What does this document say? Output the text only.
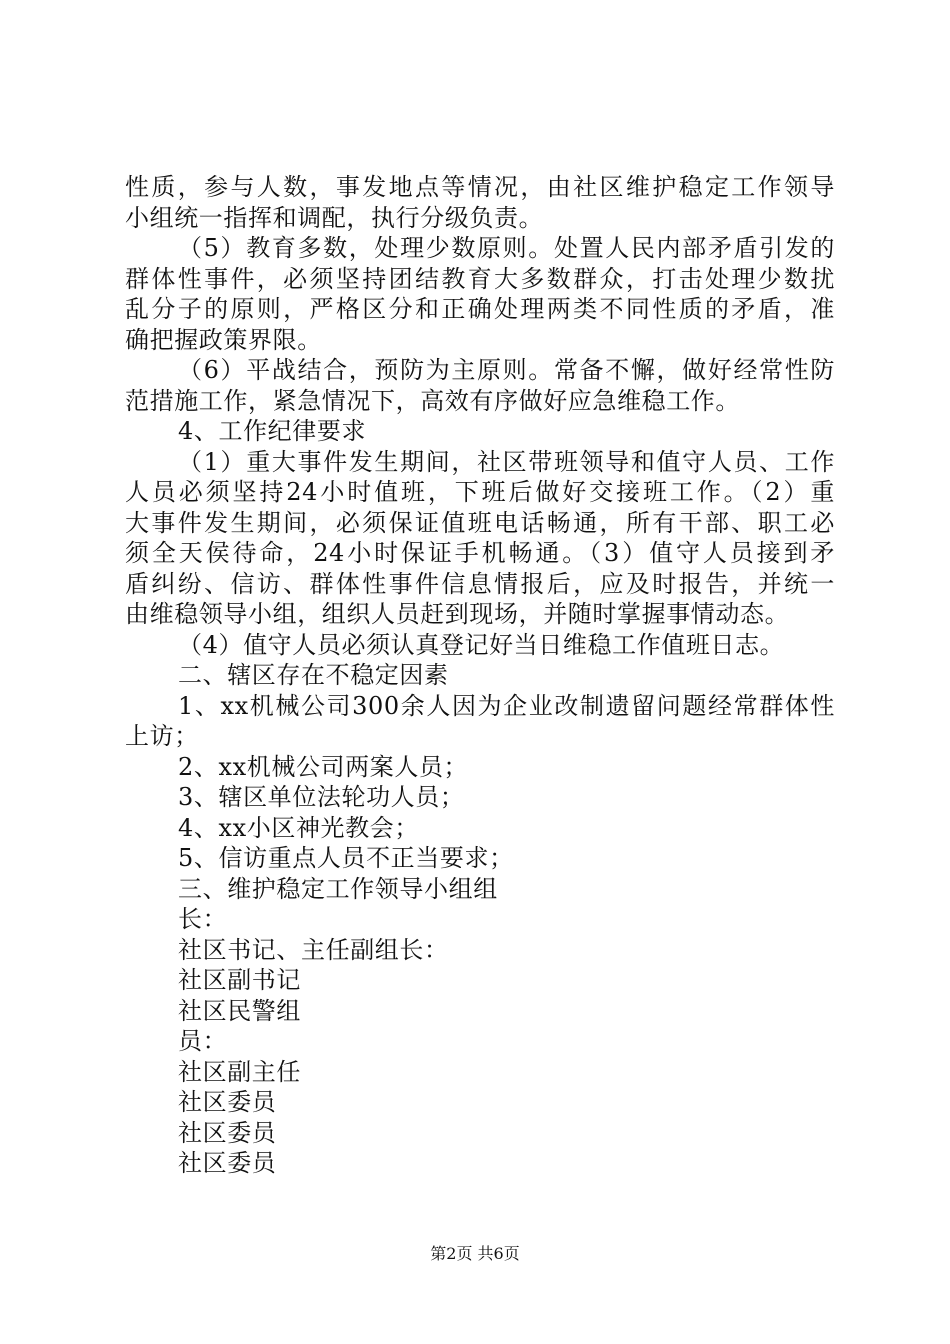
性质，参与人数，事发地点等情况，由社区维护稳定工作领导
小组统一指挥和调配，执行分级负责。
（5）教育多数，处理少数原则。处置人民内部矛盾引发的
群体性事件，必须坚持团结教育大多数群众，打击处理少数扰
乱分子的原则，严格区分和正确处理两类不同性质的矛盾，准
确把握政策界限。
（6）平战结合，预防为主原则。常备不懈，做好经常性防
范措施工作，紧急情况下，高效有序做好应急维稳工作。
4、工作纪律要求
（1）重大事件发生期间，社区带班领导和值守人员、工作
人员必须坚持24小时值班，下班后做好交接班工作。（2）重
大事件发生期间，必须保证值班电话畅通，所有干部、职工必
须全天侯待命，24小时保证手机畅通。（3）值守人员接到矛
盾纠纷、信访、群体性事件信息情报后，应及时报告，并统一
由维稳领导小组，组织人员赶到现场，并随时掌握事情动态。
（4）值守人员必须认真登记好当日维稳工作值班日志。
二、辖区存在不稳定因素
1、xx机械公司300余人因为企业改制遗留问题经常群体性
上访；
2、xx机械公司两案人员；
3、辖区单位法轮功人员；
4、xx小区神光教会；
5、信访重点人员不正当要求；
三、维护稳定工作领导小组组
长：
社区书记、主任副组长：
社区副书记
社区民警组
员：
社区副主任
社区委员
社区委员
社区委员
第2页 共6页
